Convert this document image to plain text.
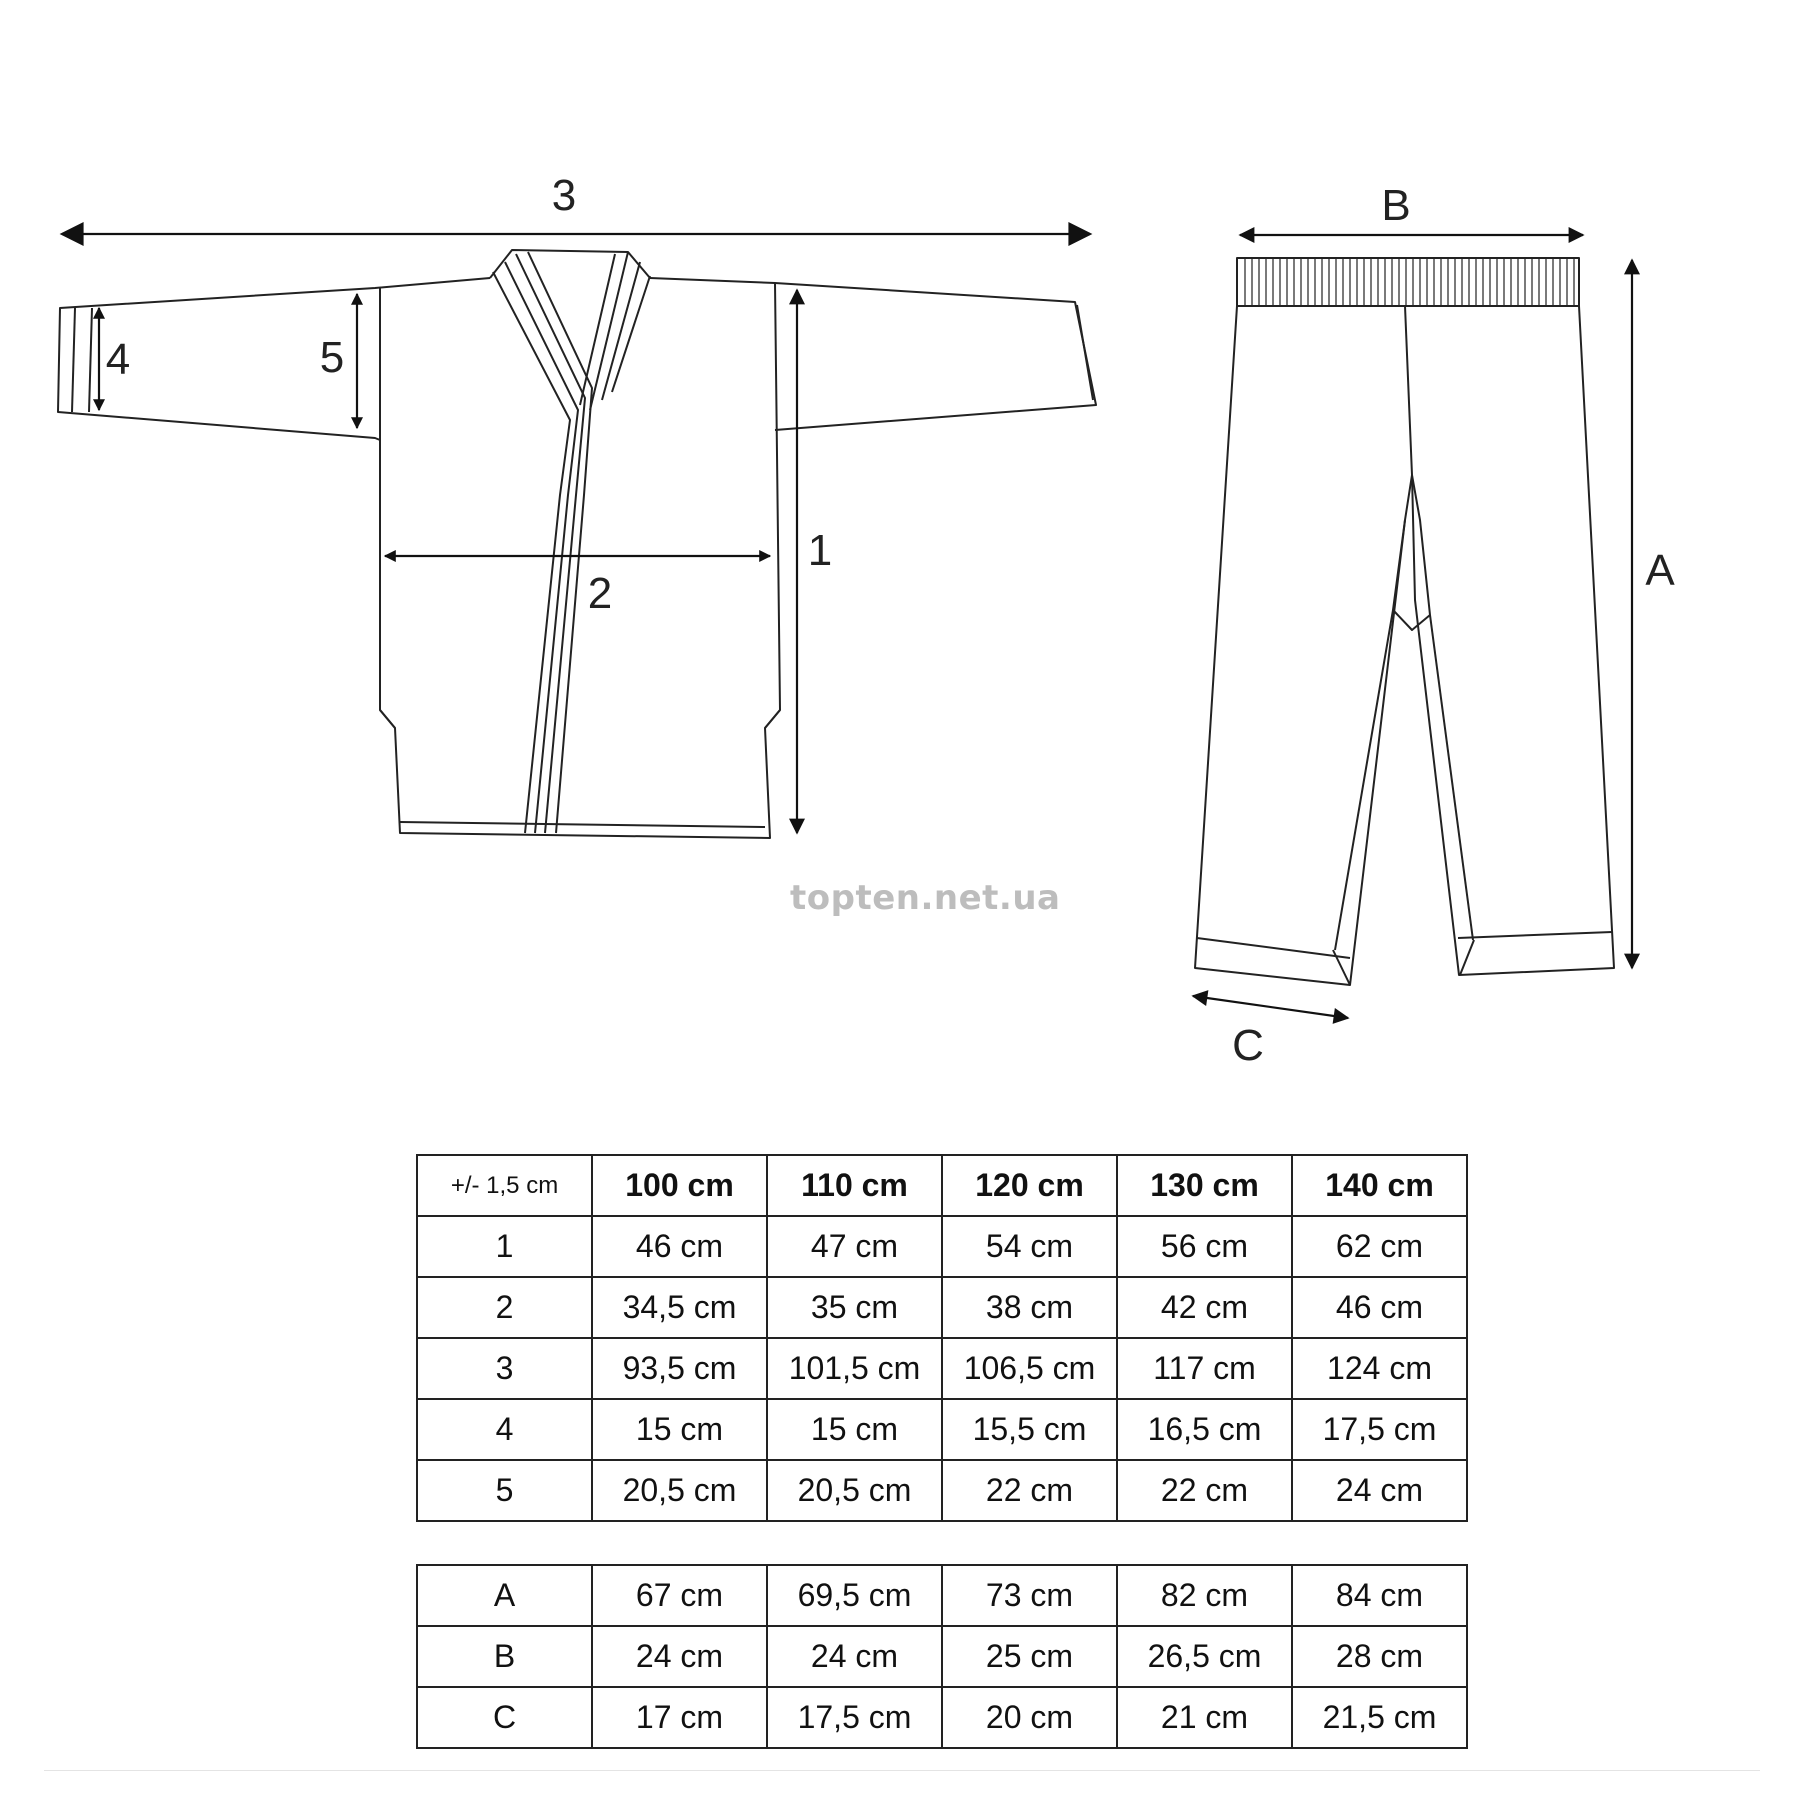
3
1
2
4	5
B
A
C
topten.net.ua
+/- 1,5 cm	100 cm	110 cm	120 cm	130 cm	140 cm
1	46 cm	47 cm	54 cm	56 cm	62 cm
2	34,5 cm	35 cm	38 cm	42 cm	46 cm
3	93,5 cm	101,5 cm	106,5 cm	117 cm	124 cm
4	15 cm	15 cm	15,5 cm	16,5 cm	17,5 cm
5	20,5 cm	20,5 cm	22 cm	22 cm	24 cm
A	67 cm	69,5 cm	73 cm	82 cm	84 cm
B	24 cm	24 cm	25 cm	26,5 cm	28 cm
C	17 cm	17,5 cm	20 cm	21 cm	21,5 cm
